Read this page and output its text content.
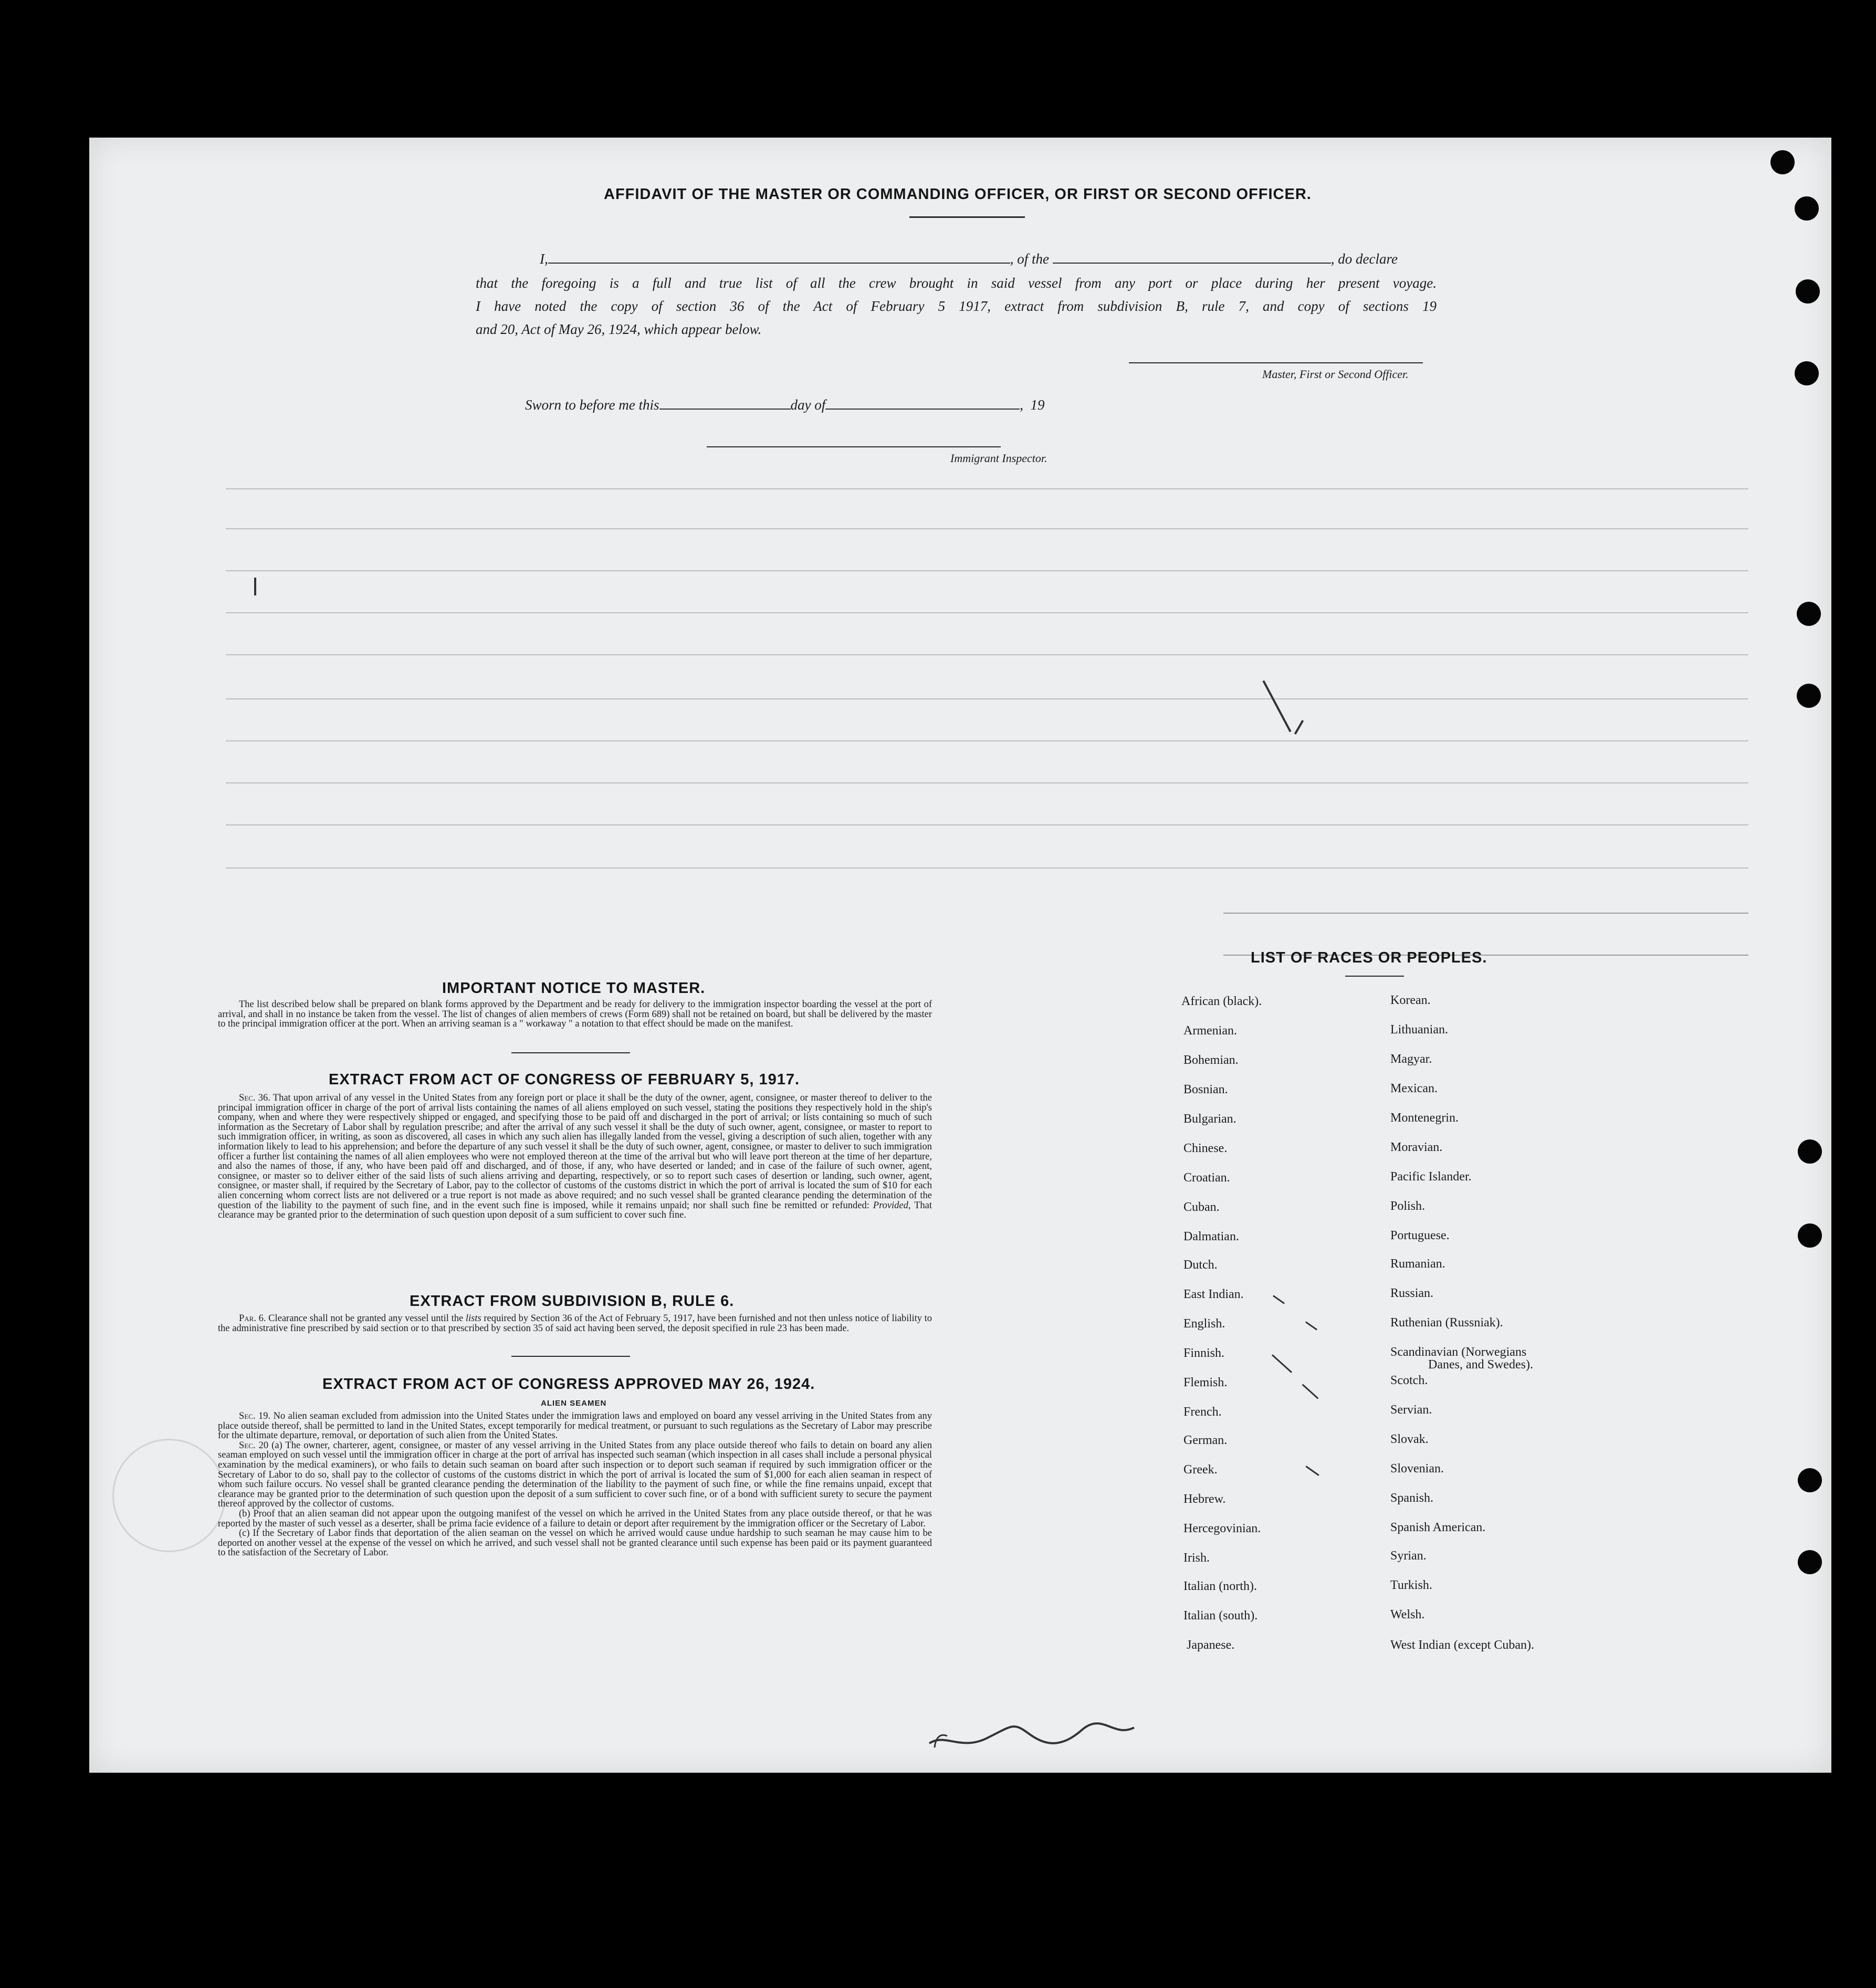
AFFIDAVIT OF THE MASTER OR COMMANDING OFFICER, OR FIRST OR SECOND OFFICER.
I,	, of the	, do declare
that the foregoing is a full and true list of all the crew brought in said vessel from any port or place during her present voyage.
I have noted the copy of section 36 of the Act of February 5 1917, extract from subdivision B, rule 7, and copy of sections 19
and 20, Act of May 26, 1924, which appear below.
Master, First or Second Officer.
Sworn to before me this	day of	,  19
Immigrant Inspector.
IMPORTANT NOTICE TO MASTER.

The list described below shall be prepared on blank forms approved by the Department and be ready for delivery to the immigration inspector boarding the vessel at the port of arrival, and shall in no instance be taken from the vessel. The list of changes of alien members of crews (Form 689) shall not be retained on board, but shall be delivered by the master to the principal immigration officer at the port. When an arriving seaman is a " workaway " a notation to that effect should be made on the manifest.

EXTRACT FROM ACT OF CONGRESS OF FEBRUARY 5, 1917.

Sec. 36. That upon arrival of any vessel in the United States from any foreign port or place it shall be the duty of the owner, agent, consignee, or master thereof to deliver to the principal immigration officer in charge of the port of arrival lists containing the names of all aliens employed on such vessel, stating the positions they respectively hold in the ship's company, when and where they were respectively shipped or engaged, and specifying those to be paid off and discharged in the port of arrival; or lists containing so much of such information as the Secretary of Labor shall by regulation prescribe; and after the arrival of any such vessel it shall be the duty of such owner, agent, consignee, or master to report to such immigration officer, in writing, as soon as discovered, all cases in which any such alien has illegally landed from the vessel, giving a description of such alien, together with any information likely to lead to his apprehension; and before the departure of any such vessel it shall be the duty of such owner, agent, consignee, or master to deliver to such immigration officer a further list containing the names of all alien employees who were not employed thereon at the time of the arrival but who will leave port thereon at the time of her departure, and also the names of those, if any, who have been paid off and discharged, and of those, if any, who have deserted or landed; and in case of the failure of such owner, agent, consignee, or master so to deliver either of the said lists of such aliens arriving and departing, respectively, or so to report such cases of desertion or landing, such owner, agent, consignee, or master shall, if required by the Secretary of Labor, pay to the collector of customs of the customs district in which the port of arrival is located the sum of $10 for each alien concerning whom correct lists are not delivered or a true report is not made as above required; and no such vessel shall be granted clearance pending the determination of the question of the liability to the payment of such fine, and in the event such fine is imposed, while it remains unpaid; nor shall such fine be remitted or refunded: Provided, That clearance may be granted prior to the determination of such question upon deposit of a sum sufficient to cover such fine.

EXTRACT FROM SUBDIVISION B, RULE 6.

Par. 6. Clearance shall not be granted any vessel until the lists required by Section 36 of the Act of February 5, 1917, have been furnished and not then unless notice of liability to the administrative fine prescribed by said section or to that prescribed by section 35 of said act having been served, the deposit specified in rule 23 has been made.

EXTRACT FROM ACT OF CONGRESS APPROVED MAY 26, 1924.
ALIEN SEAMEN

Sec. 19. No alien seaman excluded from admission into the United States under the immigration laws and employed on board any vessel arriving in the United States from any place outside thereof, shall be permitted to land in the United States, except temporarily for medical treatment, or pursuant to such regulations as the Secretary of Labor may prescribe for the ultimate departure, removal, or deportation of such alien from the United States.

Sec. 20 (a) The owner, charterer, agent, consignee, or master of any vessel arriving in the United States from any place outside thereof who fails to detain on board any alien seaman employed on such vessel until the immigration officer in charge at the port of arrival has inspected such seaman (which inspection in all cases shall include a personal physical examination by the medical examiners), or who fails to detain such seaman on board after such inspection or to deport such seaman if required by such immigration officer or the Secretary of Labor to do so, shall pay to the collector of customs of the customs district in which the port of arrival is located the sum of $1,000 for each alien seaman in respect of whom such failure occurs. No vessel shall be granted clearance pending the determination of the liability to the payment of such fine, or while the fine remains unpaid, except that clearance may be granted prior to the determination of such question upon the deposit of a sum sufficient to cover such fine, or of a bond with sufficient surety to secure the payment thereof approved by the collector of customs.

(b) Proof that an alien seaman did not appear upon the outgoing manifest of the vessel on which he arrived in the United States from any place outside thereof, or that he was reported by the master of such vessel as a deserter, shall be prima facie evidence of a failure to detain or deport after requirement by the immigration officer or the Secretary of Labor.

(c) If the Secretary of Labor finds that deportation of the alien seaman on the vessel on which he arrived would cause undue hardship to such seaman he may cause him to be deported on another vessel at the expense of the vessel on which he arrived, and such vessel shall not be granted clearance until such expense has been paid or its payment guaranteed to the satisfaction of the Secretary of Labor.

LIST OF RACES OR PEOPLES.
African (black).
Armenian.
Bohemian.
Bosnian.
Bulgarian.
Chinese.
Croatian.
Cuban.
Dalmatian.
Dutch.
East Indian.
English.
Finnish.
Flemish.
French.
German.
Greek.
Hebrew.
Hercegovinian.
Irish.
Italian (north).
Italian (south).
Japanese.
Korean.
Lithuanian.
Magyar.
Mexican.
Montenegrin.
Moravian.
Pacific Islander.
Polish.
Portuguese.
Rumanian.
Russian.
Ruthenian (Russniak).
Scandinavian (Norwegians
Danes, and Swedes).
Scotch.
Servian.
Slovak.
Slovenian.
Spanish.
Spanish American.
Syrian.
Turkish.
Welsh.
West Indian (except Cuban).
